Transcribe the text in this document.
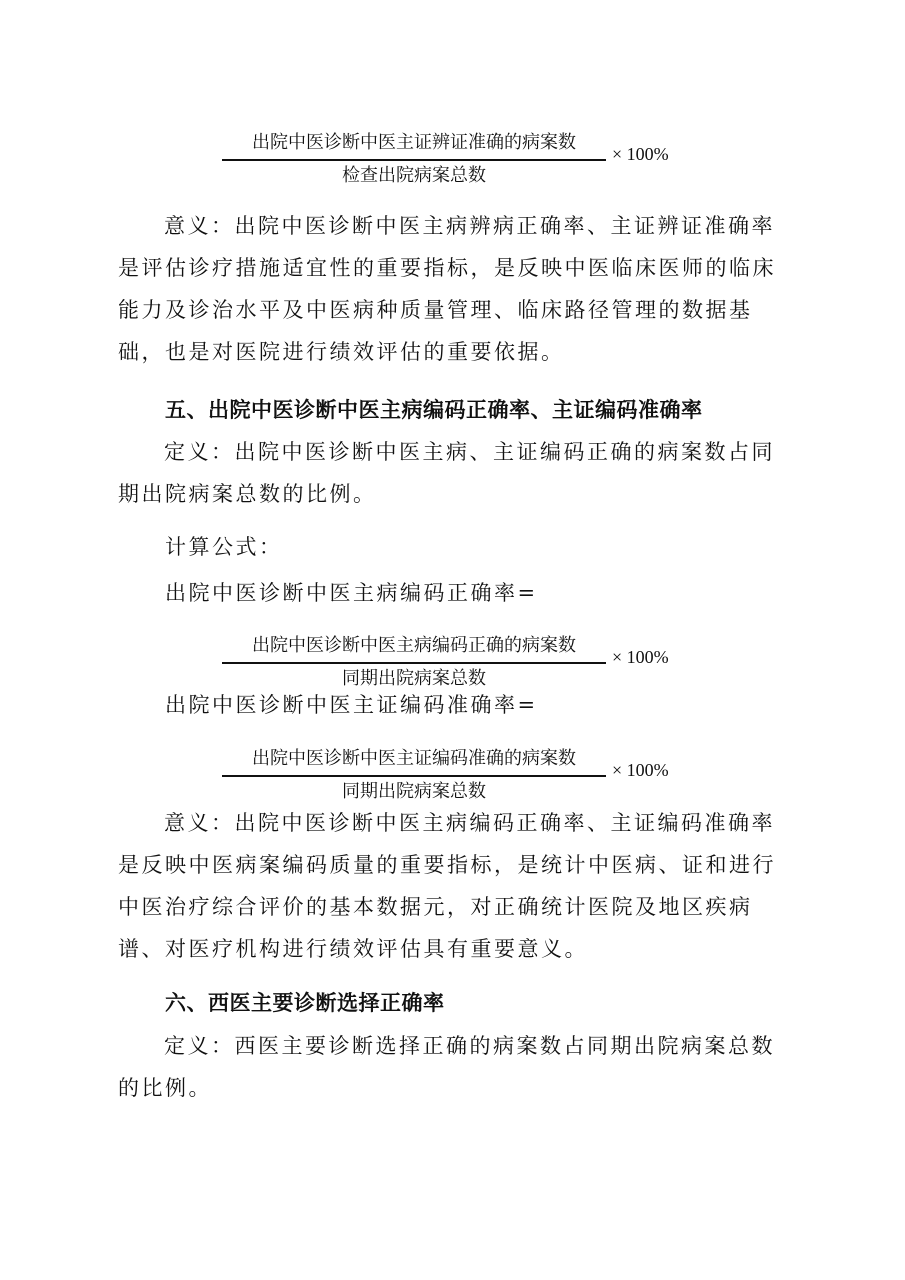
出院中医诊断中医主证辨证准确的病案数
检查出院病案总数
× 100%

意义：出院中医诊断中医主病辨病正确率、主证辨证准确率是评估诊疗措施适宜性的重要指标，是反映中医临床医师的临床能力及诊治水平及中医病种质量管理、临床路径管理的数据基础，也是对医院进行绩效评估的重要依据。

五、出院中医诊断中医主病编码正确率、主证编码准确率

定义：出院中医诊断中医主病、主证编码正确的病案数占同期出院病案总数的比例。

计算公式：

出院中医诊断中医主病编码正确率=

出院中医诊断中医主病编码正确的病案数
同期出院病案总数
× 100%

出院中医诊断中医主证编码准确率=

出院中医诊断中医主证编码准确的病案数
同期出院病案总数
× 100%

意义：出院中医诊断中医主病编码正确率、主证编码准确率是反映中医病案编码质量的重要指标，是统计中医病、证和进行中医治疗综合评价的基本数据元，对正确统计医院及地区疾病谱、对医疗机构进行绩效评估具有重要意义。

六、西医主要诊断选择正确率

定义：西医主要诊断选择正确的病案数占同期出院病案总数的比例。
